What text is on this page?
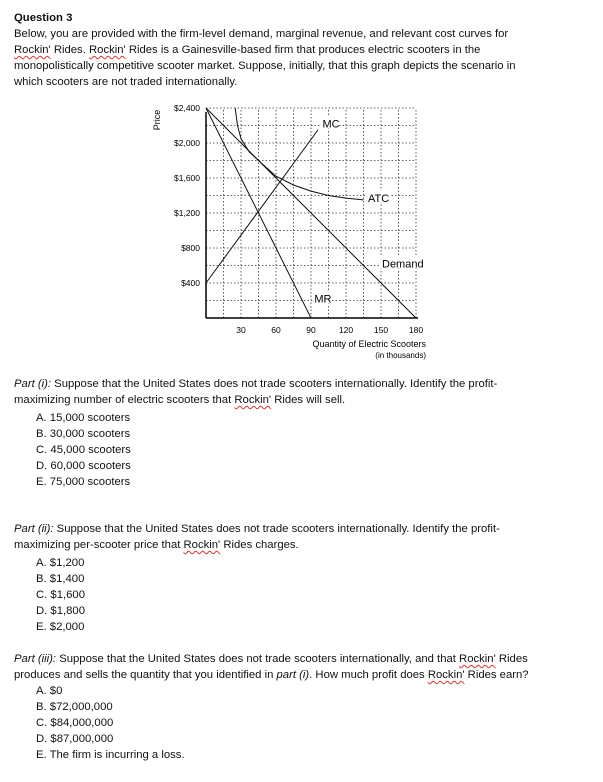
Question 3
Below, you are provided with the firm-level demand, marginal revenue, and relevant cost curves for
Rockin' Rides. Rockin' Rides is a Gainesville-based firm that produces electric scooters in the
monopolistically competitive scooter market. Suppose, initially, that this graph depicts the scenario in
which scooters are not traded internationally.
30	60	90	120 150 180
$400
$800
$1,200
$1,600
$2,000
$2,400
Price
Quantity of Electric Scooters
(in thousands)
Demand
MR
MC
ATC
Part (i): Suppose that the United States does not trade scooters internationally. Identify the profit-
maximizing number of electric scooters that Rockin' Rides will sell.
A. 15,000 scooters
B. 30,000 scooters
C. 45,000 scooters
D. 60,000 scooters
E. 75,000 scooters
Part (ii): Suppose that the United States does not trade scooters internationally. Identify the profit-
maximizing per-scooter price that Rockin' Rides charges.
A. $1,200
B. $1,400
C. $1,600
D. $1,800
E. $2,000
Part (iii): Suppose that the United States does not trade scooters internationally, and that Rockin' Rides
produces and sells the quantity that you identified in part (i). How much profit does Rockin' Rides earn?
A. $0
B. $72,000,000
C. $84,000,000
D. $87,000,000
E. The firm is incurring a loss.
